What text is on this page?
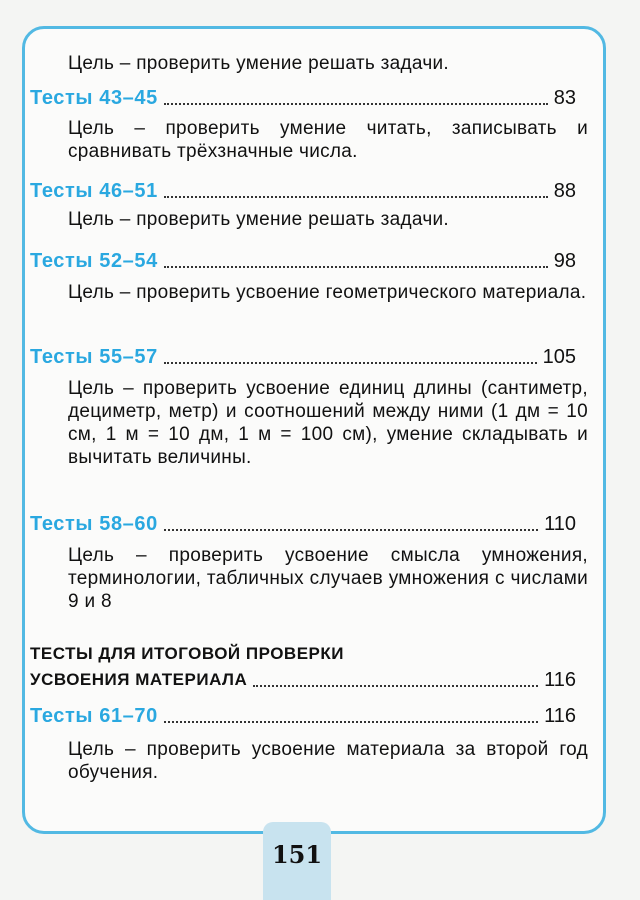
Цель – проверить умение решать задачи.
Тесты 43–45	83
Цель – проверить умение читать, записывать и сравнивать трёхзначные числа.
Тесты 46–51	88
Цель – проверить умение решать задачи.
Тесты 52–54	98
Цель – проверить усвоение геометрического материала.
Тесты 55–57	105
Цель – проверить усвоение единиц длины (сантиметр, дециметр, метр) и соотношений между ними (1 дм = 10 см, 1 м = 10 дм, 1 м = 100 см), умение складывать и вычитать величины.
Тесты 58–60	110
Цель – проверить усвоение смысла умножения, терминологии, табличных случаев умножения с числами 9 и 8
ТЕСТЫ ДЛЯ ИТОГОВОЙ ПРОВЕРКИ
УСВОЕНИЯ МАТЕРИАЛА	116
Тесты 61–70	116
Цель – проверить усвоение материала за второй год обучения.
151
